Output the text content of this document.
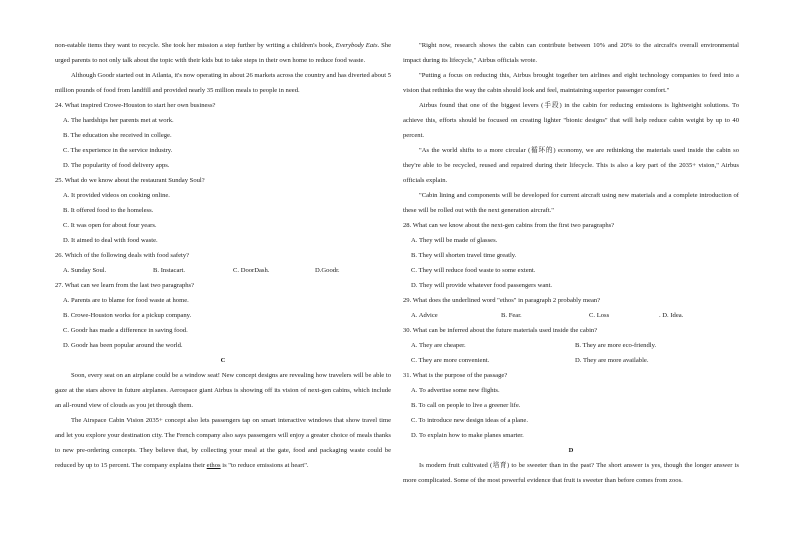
non-eatable items they want to recycle. She took her mission a step further by writing a children's book, Everybody Eats. She urged parents to not only talk about the topic with their kids but to take steps in their own home to reduce food waste.

Although Goodr started out in Atlanta, it's now operating in about 26 markets across the country and has diverted about 5 million pounds of food from landfill and provided nearly 35 million meals to people in need.

24. What inspired Crowe-Houston to start her own business?

A. The hardships her parents met at work.

B. The education she received in college.

C. The experience in the service industry.

D. The popularity of food delivery apps.

25. What do we know about the restaurant Sunday Soul?

A. It provided videos on cooking online.

B. It offered food to the homeless.

C. It was open for about four years.

D. It aimed to deal with food waste.

26. Which of the following deals with food safety?

A. Sunday Soul.	B. Instacart.	C. DoorDash.	D.Goodr.

27. What can we learn from the last two paragraphs?

A. Parents are to blame for food waste at home.

B. Crowe-Houston works for a pickup company.

C. Goodr has made a difference in saving food.

D. Goodr has been popular around the world.

C

Soon, every seat on an airplane could be a window seat! New concept designs are revealing how travelers will be able to gaze at the stars above in future airplanes. Aerospace giant Airbus is showing off its vision of next-gen cabins, which include an all-round view of clouds as you jet through them.

The Airspace Cabin Vision 2035+ concept also lets passengers tap on smart interactive windows that show travel time and let you explore your destination city. The French company also says passengers will enjoy a greater choice of meals thanks to new pre-ordering concepts. They believe that, by collecting your meal at the gate, food and packaging waste could be reduced by up to 15 percent. The company explains their ethos is "to reduce emissions at heart".

"Right now, research shows the cabin can contribute between 10% and 20% to the aircraft's overall environmental impact during its lifecycle," Airbus officials wrote.

"Putting a focus on reducing this, Airbus brought together ten airlines and eight technology companies to feed into a vision that rethinks the way the cabin should look and feel, maintaining superior passenger comfort."

Airbus found that one of the biggest levers (手段) in the cabin for reducing emissions is lightweight solutions. To achieve this, efforts should be focused on creating lighter "bionic designs" that will help reduce cabin weight by up to 40 percent.

"As the world shifts to a more circular (循环的) economy, we are rethinking the materials used inside the cabin so they're able to be recycled, reused and repaired during their lifecycle. This is also a key part of the 2035+ vision," Airbus officials explain.

"Cabin lining and components will be developed for current aircraft using new materials and a complete introduction of these will be rolled out with the next generation aircraft."

28. What can we know about the next-gen cabins from the first two paragraphs?

A. They will be made of glasses.

B. They will shorten travel time greatly.

C. They will reduce food waste to some extent.

D. They will provide whatever food passengers want.

29. What does the underlined word "ethos" in paragraph 2 probably mean?

A. Advice	B. Fear.	C. Loss	. D. Idea.

30. What can be inferred about the future materials used inside the cabin?

A. They are cheaper.	B. They are more eco-friendly.
C. They are more convenient.	D. They are more available.

31. What is the purpose of the passage?

A. To advertise some new flights.

B. To call on people to live a greener life.

C. To introduce new design ideas of a plane.

D. To explain how to make planes smarter.

D

Is modern fruit cultivated (培育) to be sweeter than in the past? The short answer is yes, though the longer answer is more complicated. Some of the most powerful evidence that fruit is sweeter than before comes from zoos.
